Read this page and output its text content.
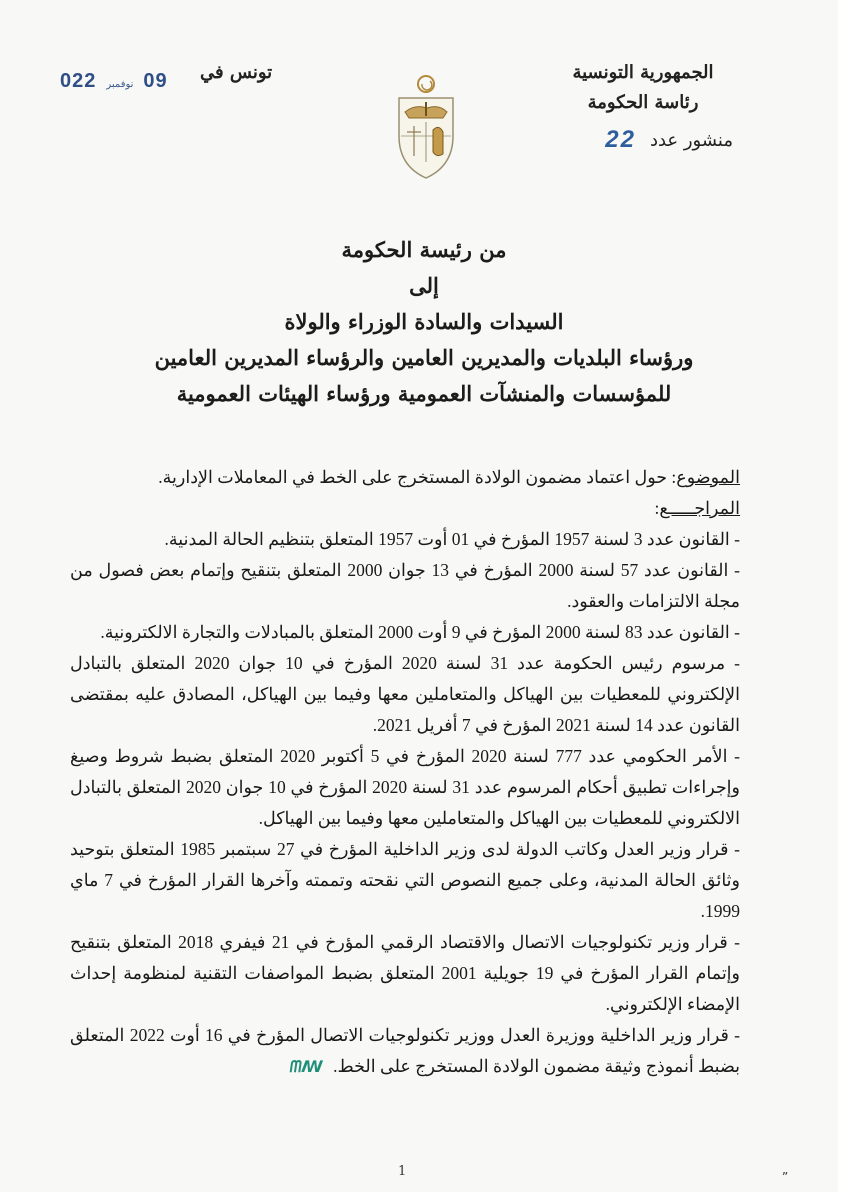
الجمهورية التونسية
رئاسة الحكومة
منشور عدد
22
تونس في
022 نوفمبر 09
من رئيسة الحكومة
إلى
السيدات والسادة الوزراء والولاة
ورؤساء البلديات والمديرين العامين والرؤساء المديرين العامين
للمؤسسات والمنشآت العمومية ورؤساء الهيئات العمومية

الموضوع: حول اعتماد مضمون الولادة المستخرج على الخط في المعاملات الإدارية.

المراجـــــع:

- القانون عدد 3 لسنة 1957 المؤرخ في 01 أوت 1957 المتعلق بتنظيم الحالة المدنية.

- القانون عدد 57 لسنة 2000 المؤرخ في 13 جوان 2000 المتعلق بتنقيح وإتمام بعض فصول من مجلة الالتزامات والعقود.

- القانون عدد 83 لسنة 2000 المؤرخ في 9 أوت 2000 المتعلق بالمبادلات والتجارة الالكترونية.

- مرسوم رئيس الحكومة عدد 31 لسنة 2020 المؤرخ في 10 جوان 2020 المتعلق بالتبادل الإلكتروني للمعطيات بين الهياكل والمتعاملين معها وفيما بين الهياكل، المصادق عليه بمقتضى القانون عدد 14 لسنة 2021 المؤرخ في 7 أفريل 2021.

- الأمر الحكومي عدد 777 لسنة 2020 المؤرخ في 5 أكتوبر 2020 المتعلق بضبط شروط وصيغ وإجراءات تطبيق أحكام المرسوم عدد 31 لسنة 2020 المؤرخ في 10 جوان 2020 المتعلق بالتبادل الالكتروني للمعطيات بين الهياكل والمتعاملين معها وفيما بين الهياكل.

- قرار وزير العدل وكاتب الدولة لدى وزير الداخلية المؤرخ في 27 سبتمبر 1985 المتعلق بتوحيد وثائق الحالة المدنية، وعلى جميع النصوص التي نقحته وتممته وآخرها القرار المؤرخ في 7 ماي 1999.

- قرار وزير تكنولوجيات الاتصال والاقتصاد الرقمي المؤرخ في 21 فيفري 2018 المتعلق بتنقيح وإتمام القرار المؤرخ في 19 جويلية 2001 المتعلق بضبط المواصفات التقنية لمنظومة إحداث الإمضاء الإلكتروني.

- قرار وزير الداخلية ووزيرة العدل ووزير تكنولوجيات الاتصال المؤرخ في 16 أوت 2022 المتعلق بضبط أنموذج وثيقة مضمون الولادة المستخرج على الخط. ᗰꟿ

1	”
